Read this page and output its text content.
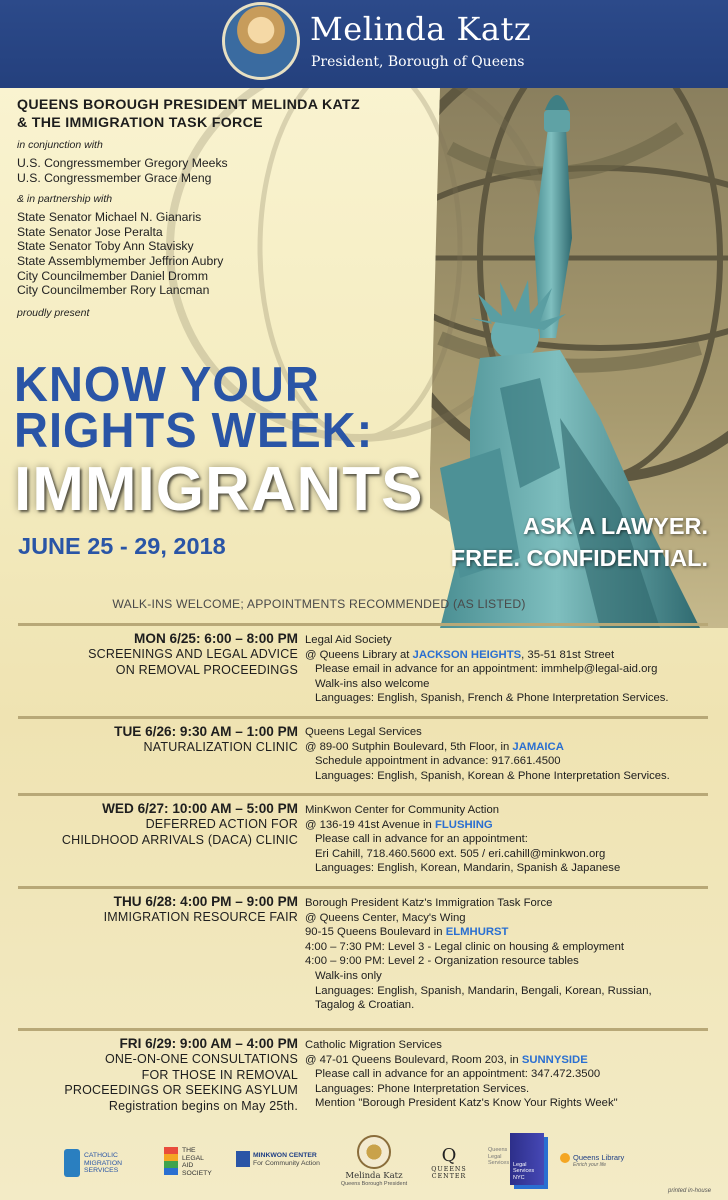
Melinda Katz
President, Borough of Queens
QUEENS BOROUGH PRESIDENT MELINDA KATZ
& THE IMMIGRATION TASK FORCE
in conjunction with
U.S. Congressmember Gregory Meeks
U.S. Congressmember Grace Meng
& in partnership with
State Senator Michael N. Gianaris
State Senator Jose Peralta
State Senator Toby Ann Stavisky
State Assemblymember Jeffrion Aubry
City Councilmember Daniel Dromm
City Councilmember Rory Lancman
proudly present
KNOW YOUR
RIGHTS WEEK:
IMMIGRANTS
JUNE 25 - 29, 2018
ASK A LAWYER.
FREE. CONFIDENTIAL.
WALK-INS WELCOME; APPOINTMENTS RECOMMENDED (AS LISTED)
MON 6/25: 6:00 – 8:00 PM
SCREENINGS AND LEGAL ADVICE
ON REMOVAL PROCEEDINGS
Legal Aid Society
@ Queens Library at JACKSON HEIGHTS, 35-51 81st Street
Please email in advance for an appointment: immhelp@legal-aid.org
Walk-ins also welcome
Languages: English, Spanish, French & Phone Interpretation Services.
TUE 6/26: 9:30 AM – 1:00 PM
NATURALIZATION CLINIC
Queens Legal Services
@ 89-00 Sutphin Boulevard, 5th Floor, in JAMAICA
Schedule appointment in advance: 917.661.4500
Languages: English, Spanish, Korean & Phone Interpretation Services.
WED 6/27: 10:00 AM – 5:00 PM
DEFERRED ACTION FOR
CHILDHOOD ARRIVALS (DACA) CLINIC
MinKwon Center for Community Action
@ 136-19 41st Avenue in FLUSHING
Please call in advance for an appointment:
Eri Cahill, 718.460.5600 ext. 505 / eri.cahill@minkwon.org
Languages: English, Korean, Mandarin, Spanish & Japanese
THU 6/28: 4:00 PM – 9:00 PM
IMMIGRATION RESOURCE FAIR
Borough President Katz's Immigration Task Force
@ Queens Center, Macy's Wing
90-15 Queens Boulevard in ELMHURST
4:00 – 7:30 PM: Level 3 - Legal clinic on housing & employment
4:00 – 9:00 PM: Level 2 - Organization resource tables
Walk-ins only
Languages: English, Spanish, Mandarin, Bengali, Korean, Russian,
Tagalog & Croatian.
FRI 6/29: 9:00 AM – 4:00 PM
ONE-ON-ONE CONSULTATIONS
FOR THOSE IN REMOVAL
PROCEEDINGS OR SEEKING ASYLUM
Registration begins on May 25th.
Catholic Migration Services
@ 47-01 Queens Boulevard, Room 203, in SUNNYSIDE
Please call in advance for an appointment: 347.472.3500
Languages: Phone Interpretation Services.
Mention "Borough President Katz's Know Your Rights Week"
CATHOLIC
MIGRATION
SERVICES
THE
LEGAL
AID
SOCIETY
MINKWON CENTER
For Community Action
Melinda Katz
Queens Borough President
Q
QUEENS CENTER
Queens
Legal
Services Legal
Services NYC
Queens Library
Enrich your life
printed in-house
